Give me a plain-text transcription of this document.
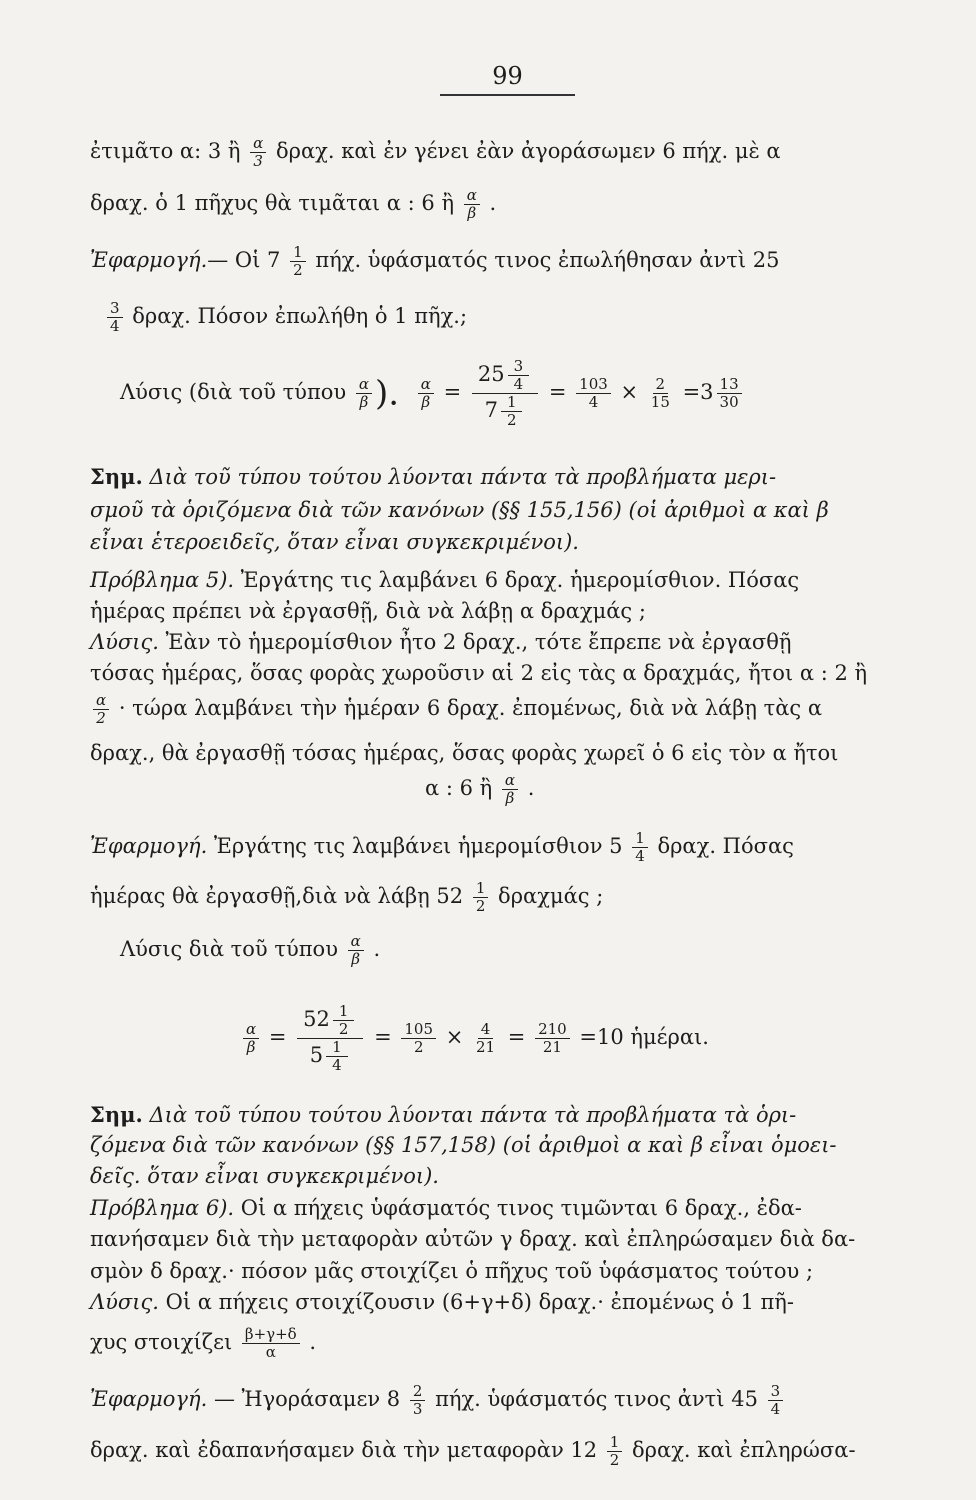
99
ἐτιμᾶτο α: 3 ἢ $\frac{\alpha}{3} \delta\rho\alpha\chi$. καὶ ἐν γένει ἐὰν ἀγοράσωμεν 6 πήχ. μὲ α
δραχ. ὁ 1 πῆχυς θὰ τιμᾶται α : 6 ἢ $\frac{\alpha}{\beta}$ .
Ἐφαρμογή.— Οἱ $7 \frac{1}{2} \pi ή\chi$. ὑφάσματός τινος ἐπωλήθησαν ἀντὶ 25
$\frac{3}{4} \delta\rho\alpha\chi$. Πόσον ἐπωλήθη ὁ 1 πῆχ.;
Λύσις (διὰ τοῦ τύπου $\frac{\alpha}{\beta}$ ). $\frac{\alpha}{\beta} = \frac{25 \frac{3}{4}}{7 \frac{1}{2}} = \frac{103}{4} \times \frac{2}{15} =3 \frac{13}{30}$
Σημ. Διὰ τοῦ τύπου τούτου λύονται πάντα τὰ προβλήματα μερι-
σμοῦ τὰ ὁριζόμενα διὰ τῶν κανόνων (§§ 155,156) (οἱ ἀριθμοὶ α καὶ β
εἶναι ἑτεροειδεῖς, ὅταν εἶναι συγκεκριμένοι).
Πρόβλημα 5). Ἐργάτης τις λαμβάνει 6 δραχ. ἡμερομίσθιον. Πόσας
ἡμέρας πρέπει νὰ ἐργασθῇ, διὰ νὰ λάβῃ α δραχμάς ;
Λύσις. Ἐὰν τὸ ἡμερομίσθιον ἦτο 2 δραχ., τότε ἔπρεπε νὰ ἐργασθῇ
τόσας ἡμέρας, ὅσας φορὰς χωροῦσιν αἱ 2 εἰς τὰς α δραχμάς, ἤτοι α : 2 ἢ
$\frac{\alpha}{2} \cdot \tau ώ\rho\alpha$ λαμβάνει τὴν ἡμέραν 6 δραχ. ἐπομένως, διὰ νὰ λάβῃ τὰς α
δραχ., θὰ ἐργασθῇ τόσας ἡμέρας, ὅσας φορὰς χωρεῖ ὁ 6 εἰς τὸν α ἤτοι
α : 6 ἢ $\frac{\alpha}{\beta}$ .
Ἐφαρμογή. Ἐργάτης τις λαμβάνει ἡμερομίσθιον $5 \frac{1}{4} \delta\rho\alpha\chi$. Πόσας
ἡμέρας θὰ ἐργασθῇ,διὰ νὰ λάβῃ $52 \frac{1}{2}$ δραχμάς ;
Λύσις διὰ τοῦ τύπου $\frac{\alpha}{\beta}$ .
$\frac{\alpha}{\beta} = \frac{52 \frac{1}{2}}{5 \frac{1}{4}} = \frac{105}{2} \times \frac{4}{21} = \frac{210}{21} =10$ ἡμέραι.
Σημ. Διὰ τοῦ τύπου τούτου λύονται πάντα τὰ προβλήματα τὰ ὁρι-
ζόμενα διὰ τῶν κανόνων (§§ 157,158) (οἱ ἀριθμοὶ α καὶ β εἶναι ὁμοει-
δεῖς. ὅταν εἶναι συγκεκριμένοι).
Πρόβλημα 6). Οἱ α πήχεις ὑφάσματός τινος τιμῶνται 6 δραχ., ἐδα-
πανήσαμεν διὰ τὴν μεταφορὰν αὐτῶν γ δραχ. καὶ ἐπληρώσαμεν διὰ δα-
σμὸν δ δραχ.· πόσον μᾶς στοιχίζει ὁ πῆχυς τοῦ ὑφάσματος τούτου ;
Λύσις. Οἱ α πήχεις στοιχίζουσιν (6+γ+δ) δραχ.· ἐπομένως ὁ 1 πῆ-
χυς στοιχίζει $\frac{\beta+\gamma+\delta}{\alpha}$ .
Ἐφαρμογή. — Ἠγοράσαμεν $8 \frac{2}{3} \pi ή\chi$. ὑφάσματός τινος ἀντὶ $45 \frac{3}{4}$
δραχ. καὶ ἐδαπανήσαμεν διὰ τὴν μεταφορὰν $12 \frac{1}{2} \delta\rho\alpha\chi$. καὶ ἐπληρώσα-
